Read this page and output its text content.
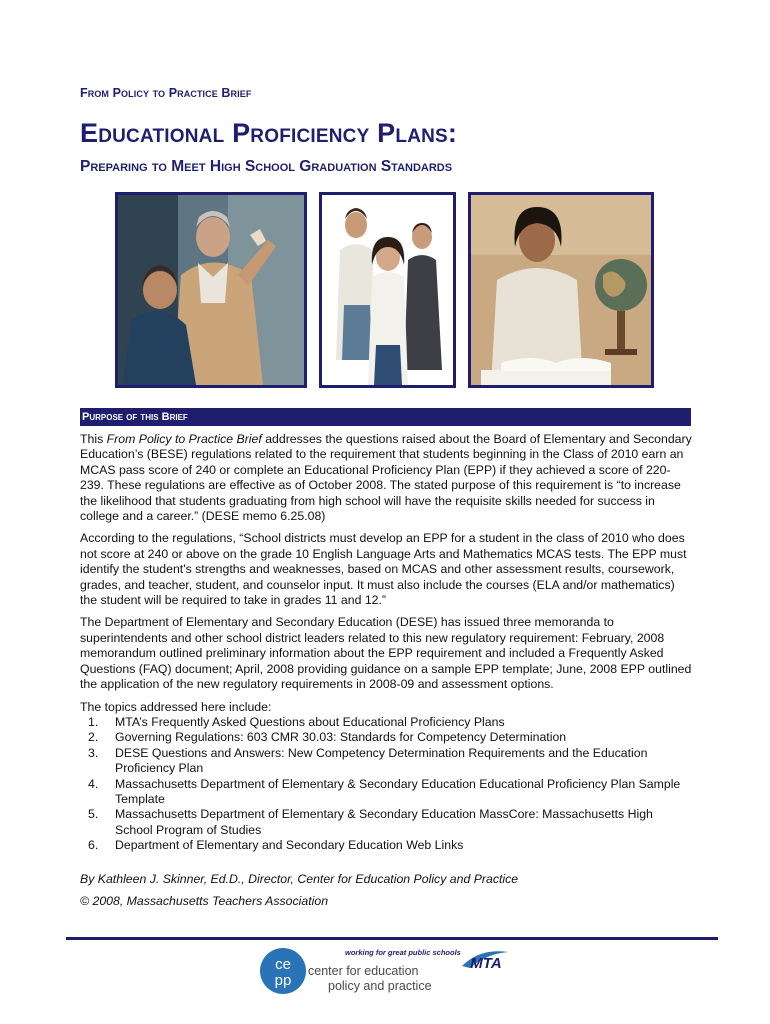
From Policy to Practice Brief
Educational Proficiency Plans:
Preparing to Meet High School Graduation Standards
Purpose of this Brief

This From Policy to Practice Brief addresses the questions raised about the Board of Elementary and Secondary Education’s (BESE) regulations related to the requirement that students beginning in the Class of 2010 earn an MCAS pass score of 240 or complete an Educational Proficiency Plan (EPP) if they achieved a score of 220-239. These regulations are effective as of October 2008. The stated purpose of this requirement is “to increase the likelihood that students graduating from high school will have the requisite skills needed for success in college and a career.” (DESE memo 6.25.08)

According to the regulations, “School districts must develop an EPP for a student in the class of 2010 who does not score at 240 or above on the grade 10 English Language Arts and Mathematics MCAS tests. The EPP must identify the student's strengths and weaknesses, based on MCAS and other assessment results, coursework, grades, and teacher, student, and counselor input. It must also include the courses (ELA and/or mathematics) the student will be required to take in grades 11 and 12.”

The Department of Elementary and Secondary Education (DESE) has issued three memoranda to superintendents and other school district leaders related to this new regulatory requirement: February, 2008 memorandum outlined preliminary information about the EPP requirement and included a Frequently Asked Questions (FAQ) document; April, 2008 providing guidance on a sample EPP template; June, 2008 EPP outlined the application of the new regulatory requirements in 2008-09 and assessment options.

The topics addressed here include:

1. MTA’s Frequently Asked Questions about Educational Proficiency Plans
2. Governing Regulations: 603 CMR 30.03: Standards for Competency Determination
3. DESE Questions and Answers: New Competency Determination Requirements and the Education Proficiency Plan
4. Massachusetts Department of Elementary & Secondary Education Educational Proficiency Plan Sample Template
5. Massachusetts Department of Elementary & Secondary Education MassCore: Massachusetts High School Program of Studies
6. Department of Elementary and Secondary Education Web Links

By Kathleen J. Skinner, Ed.D., Director, Center for Education Policy and Practice

© 2008, Massachusetts Teachers Association

ce
pp
center for education
policy and practice
working for great public schools
MTA
